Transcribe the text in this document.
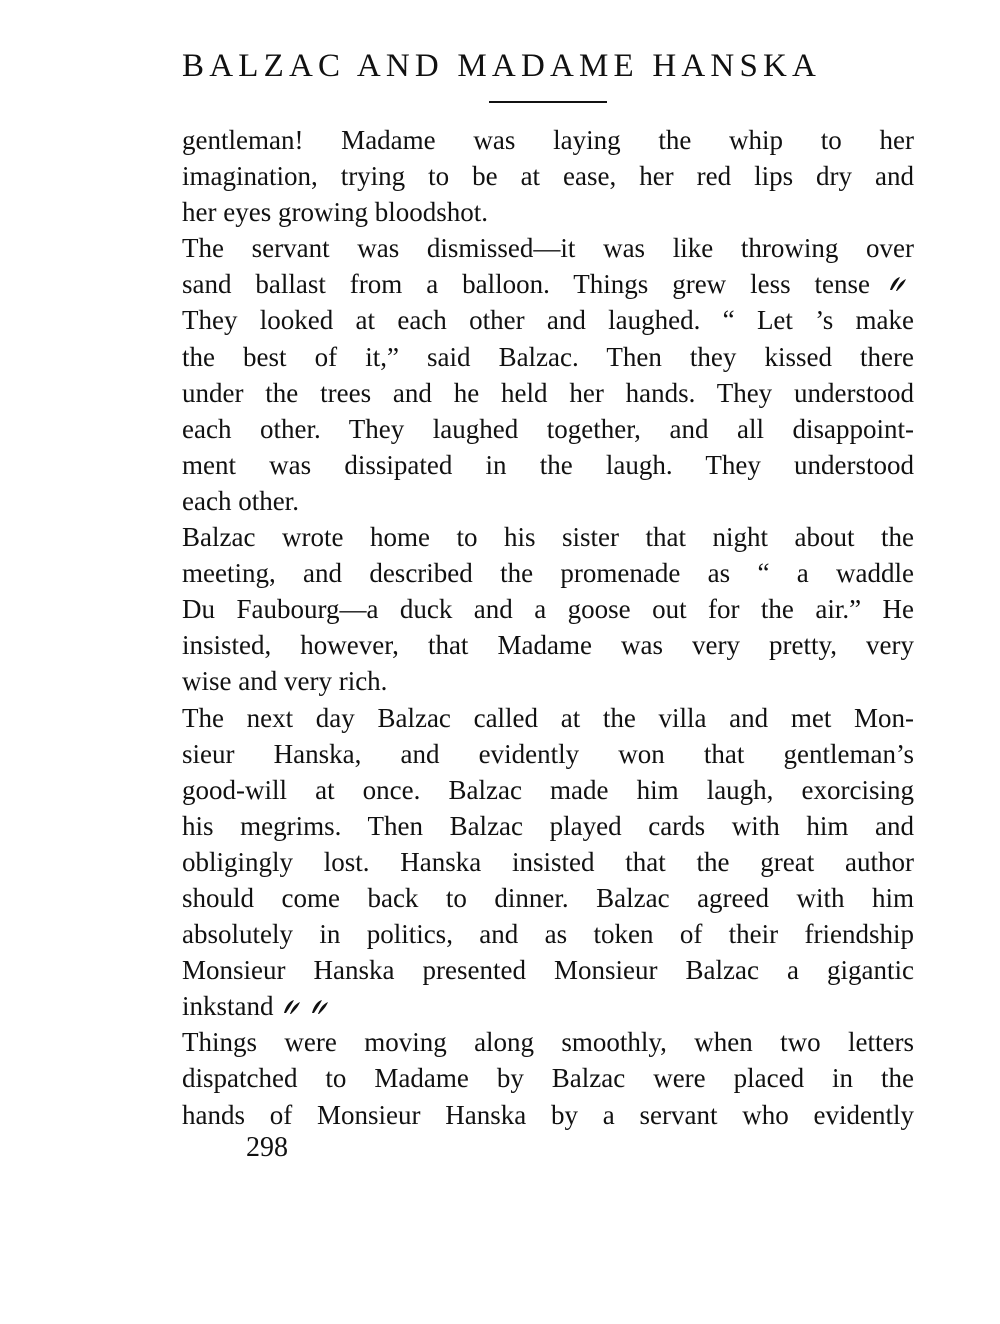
BALZAC AND MADAME HANSKA
gentleman! Madame was laying the whip to her
imagination, trying to be at ease, her red lips dry and
her eyes growing bloodshot.
The servant was dismissed—it was like throwing over
sand ballast from a balloon. Things grew less tense
They looked at each other and laughed. “ Let ’s make
the best of it,” said Balzac. Then they kissed there
under the trees and he held her hands. They understood
each other. They laughed together, and all disappoint-
ment was dissipated in the laugh. They understood
each other.
Balzac wrote home to his sister that night about the
meeting, and described the promenade as “ a waddle
Du Faubourg—a duck and a goose out for the air.” He
insisted, however, that Madame was very pretty, very
wise and very rich.
The next day Balzac called at the villa and met Mon-
sieur Hanska, and evidently won that gentleman’s
good-will at once. Balzac made him laugh, exorcising
his megrims. Then Balzac played cards with him and
obligingly lost. Hanska insisted that the great author
should come back to dinner. Balzac agreed with him
absolutely in politics, and as token of their friendship
Monsieur Hanska presented Monsieur Balzac a gigantic
inkstand
Things were moving along smoothly, when two letters
dispatched to Madame by Balzac were placed in the
hands of Monsieur Hanska by a servant who evidently
298
